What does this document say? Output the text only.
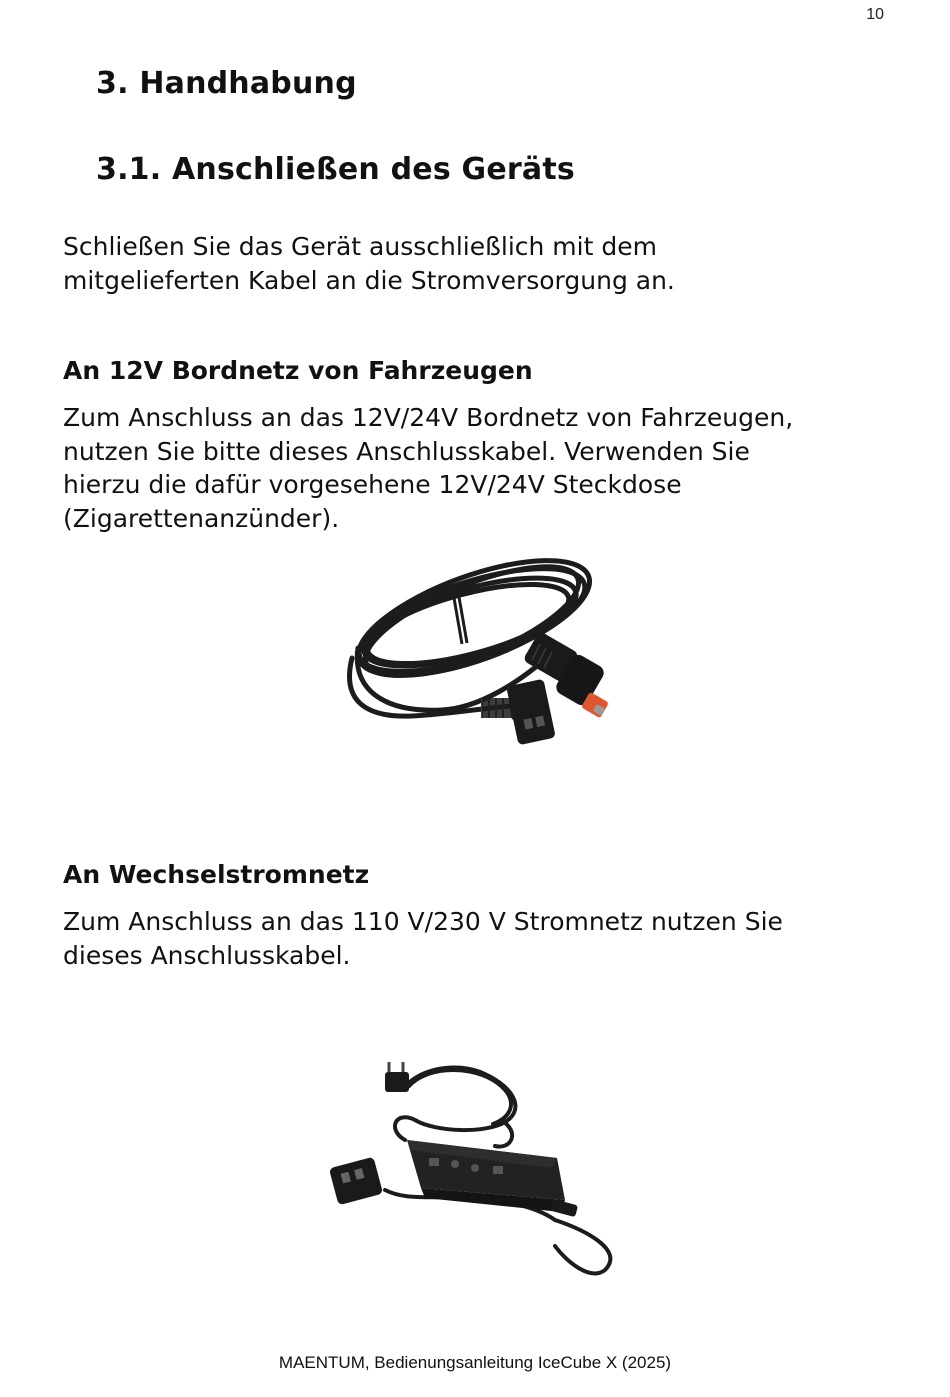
10
3. Handhabung
3.1. Anschließen des Geräts
Schließen Sie das Gerät ausschließlich mit dem
mitgelieferten Kabel an die Stromversorgung an.
An 12V Bordnetz von Fahrzeugen
Zum Anschluss an das 12V/24V Bordnetz von Fahrzeugen,
nutzen Sie bitte dieses Anschlusskabel. Verwenden Sie
hierzu die dafür vorgesehene 12V/24V Steckdose
(Zigarettenanzünder).
An Wechselstromnetz
Zum Anschluss an das 110 V/230 V Stromnetz nutzen Sie
dieses Anschlusskabel.
MAENTUM, Bedienungsanleitung IceCube X (2025)
